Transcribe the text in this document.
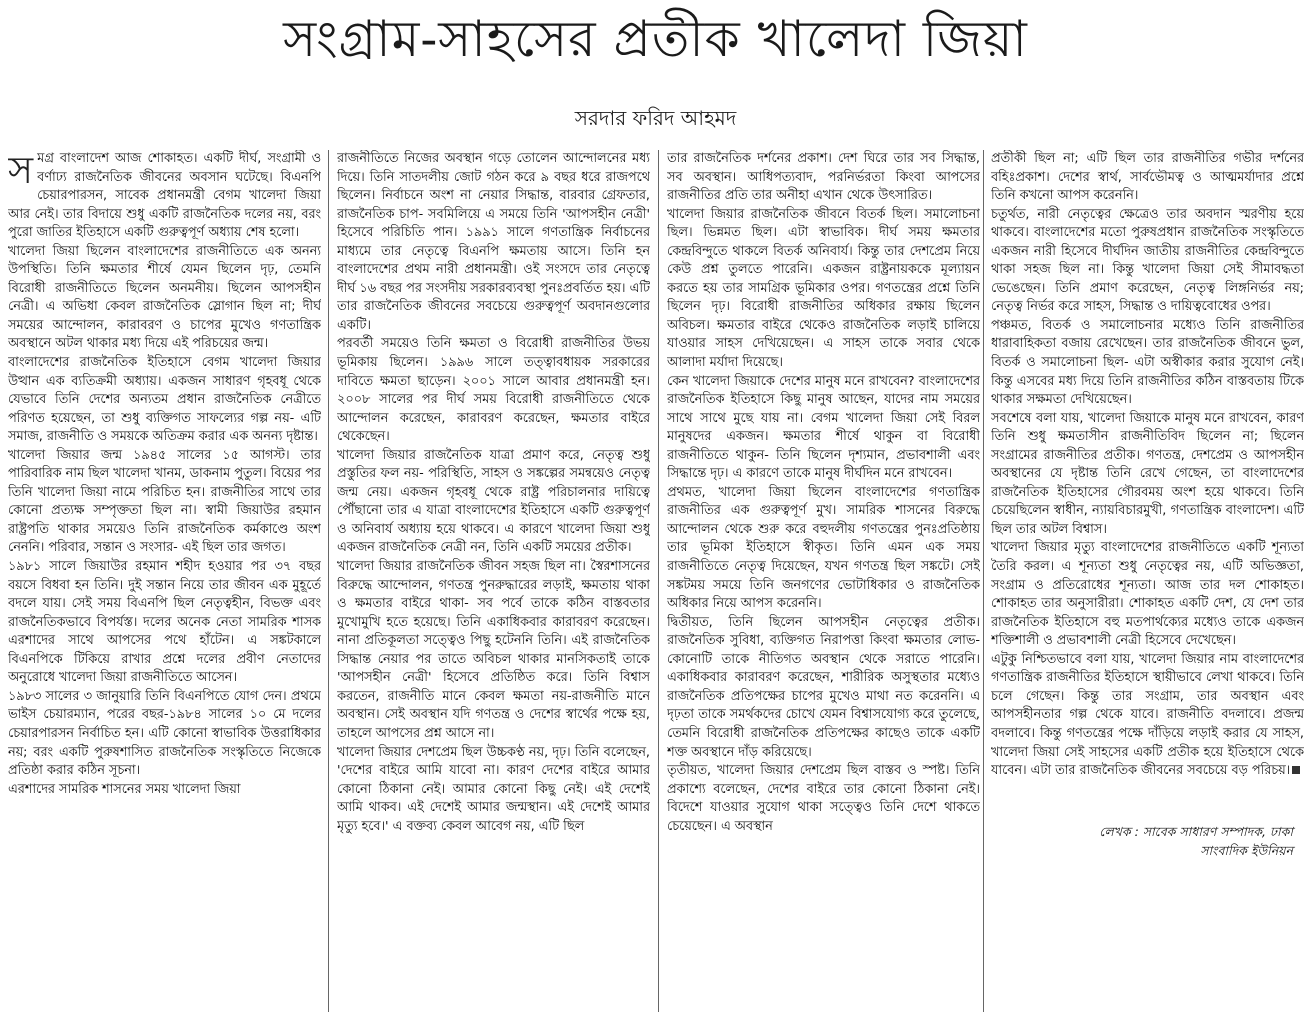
সংগ্রাম-সাহসের প্রতীক খালেদা জিয়া
সরদার ফরিদ আহমদ

সমগ্র বাংলাদেশ আজ শোকাহত। একটি দীর্ঘ, সংগ্রামী ও বর্ণাঢ্য রাজনৈতিক জীবনের অবসান ঘটেছে। বিএনপি চেয়ারপারসন, সাবেক প্রধানমন্ত্রী বেগম খালেদা জিয়া আর নেই। তার বিদায়ে শুধু একটি রাজনৈতিক দলের নয়, বরং পুরো জাতির ইতিহাসে একটি গুরুত্বপূর্ণ অধ্যায় শেষ হলো।

খালেদা জিয়া ছিলেন বাংলাদেশের রাজনীতিতে এক অনন্য উপস্থিতি। তিনি ক্ষমতার শীর্ষে যেমন ছিলেন দৃঢ়, তেমনি বিরোধী রাজনীতিতে ছিলেন অনমনীয়। ছিলেন আপসহীন নেত্রী। এ অভিধা কেবল রাজনৈতিক স্লোগান ছিল না; দীর্ঘ সময়ের আন্দোলন, কারাবরণ ও চাপের মুখেও গণতান্ত্রিক অবস্থানে অটল থাকার মধ্য দিয়ে এই পরিচয়ের জন্ম।

বাংলাদেশের রাজনৈতিক ইতিহাসে বেগম খালেদা জিয়ার উত্থান এক ব্যতিক্রমী অধ্যায়। একজন সাধারণ গৃহবধূ থেকে যেভাবে তিনি দেশের অন্যতম প্রধান রাজনৈতিক নেত্রীতে পরিণত হয়েছেন, তা শুধু ব্যক্তিগত সাফল্যের গল্প নয়- এটি সমাজ, রাজনীতি ও সময়কে অতিক্রম করার এক অনন্য দৃষ্টান্ত।

খালেদা জিয়ার জন্ম ১৯৪৫ সালের ১৫ আগস্ট। তার পারিবারিক নাম ছিল খালেদা খানম, ডাকনাম পুতুল। বিয়ের পর তিনি খালেদা জিয়া নামে পরিচিত হন। রাজনীতির সাথে তার কোনো প্রত্যক্ষ সম্পৃক্ততা ছিল না। স্বামী জিয়াউর রহমান রাষ্ট্রপতি থাকার সময়েও তিনি রাজনৈতিক কর্মকাণ্ডে অংশ নেননি। পরিবার, সন্তান ও সংসার- এই ছিল তার জগত।

১৯৮১ সালে জিয়াউর রহমান শহীদ হওয়ার পর ৩৭ বছর বয়সে বিধবা হন তিনি। দুই সন্তান নিয়ে তার জীবন এক মুহূর্তে বদলে যায়। সেই সময় বিএনপি ছিল নেতৃত্বহীন, বিভক্ত এবং রাজনৈতিকভাবে বিপর্যস্ত। দলের অনেক নেতা সামরিক শাসক এরশাদের সাথে আপসের পথে হাঁটেন। এ সঙ্কটকালে বিএনপিকে টিকিয়ে রাখার প্রশ্নে দলের প্রবীণ নেতাদের অনুরোধে খালেদা জিয়া রাজনীতিতে আসেন।

১৯৮৩ সালের ৩ জানুয়ারি তিনি বিএনপিতে যোগ দেন। প্রথমে ভাইস চেয়ারম্যান, পরের বছর-১৯৮৪ সালের ১০ মে দলের চেয়ারপারসন নির্বাচিত হন। এটি কোনো স্বাভাবিক উত্তরাধিকার নয়; বরং একটি পুরুষশাসিত রাজনৈতিক সংস্কৃতিতে নিজেকে প্রতিষ্ঠা করার কঠিন সূচনা।

এরশাদের সামরিক শাসনের সময় খালেদা জিয়া

রাজনীতিতে নিজের অবস্থান গড়ে তোলেন আন্দোলনের মধ্য দিয়ে। তিনি সাতদলীয় জোট গঠন করে ৯ বছর ধরে রাজপথে ছিলেন। নির্বাচনে অংশ না নেয়ার সিদ্ধান্ত, বারবার গ্রেফতার, রাজনৈতিক চাপ- সবমিলিয়ে এ সময়ে তিনি 'আপসহীন নেত্রী' হিসেবে পরিচিতি পান। ১৯৯১ সালে গণতান্ত্রিক নির্বাচনের মাধ্যমে তার নেতৃত্বে বিএনপি ক্ষমতায় আসে। তিনি হন বাংলাদেশের প্রথম নারী প্রধানমন্ত্রী। ওই সংসদে তার নেতৃত্বে দীর্ঘ ১৬ বছর পর সংসদীয় সরকারব্যবস্থা পুনঃপ্রবর্তিত হয়। এটি তার রাজনৈতিক জীবনের সবচেয়ে গুরুত্বপূর্ণ অবদানগুলোর একটি।

পরবর্তী সময়েও তিনি ক্ষমতা ও বিরোধী রাজনীতির উভয় ভূমিকায় ছিলেন। ১৯৯৬ সালে তত্ত্বাবধায়ক সরকারের দাবিতে ক্ষমতা ছাড়েন। ২০০১ সালে আবার প্রধানমন্ত্রী হন। ২০০৮ সালের পর দীর্ঘ সময় বিরোধী রাজনীতিতে থেকে আন্দোলন করেছেন, কারাবরণ করেছেন, ক্ষমতার বাইরে থেকেছেন।

খালেদা জিয়ার রাজনৈতিক যাত্রা প্রমাণ করে, নেতৃত্ব শুধু প্রস্তুতির ফল নয়- পরিস্থিতি, সাহস ও সঙ্কল্পের সমন্বয়েও নেতৃত্ব জন্ম নেয়। একজন গৃহবধূ থেকে রাষ্ট্র পরিচালনার দায়িত্বে পৌঁছানো তার এ যাত্রা বাংলাদেশের ইতিহাসে একটি গুরুত্বপূর্ণ ও অনিবার্য অধ্যায় হয়ে থাকবে। এ কারণে খালেদা জিয়া শুধু একজন রাজনৈতিক নেত্রী নন, তিনি একটি সময়ের প্রতীক।

খালেদা জিয়ার রাজনৈতিক জীবন সহজ ছিল না। স্বৈরশাসনের বিরুদ্ধে আন্দোলন, গণতন্ত্র পুনরুদ্ধারের লড়াই, ক্ষমতায় থাকা ও ক্ষমতার বাইরে থাকা- সব পর্বে তাকে কঠিন বাস্তবতার মুখোমুখি হতে হয়েছে। তিনি একাধিকবার কারাবরণ করেছেন। নানা প্রতিকূলতা সত্ত্বেও পিছু হটেননি তিনি। এই রাজনৈতিক সিদ্ধান্ত নেয়ার পর তাতে অবিচল থাকার মানসিকতাই তাকে 'আপসহীন নেত্রী' হিসেবে প্রতিষ্ঠিত করে। তিনি বিশ্বাস করতেন, রাজনীতি মানে কেবল ক্ষমতা নয়-রাজনীতি মানে অবস্থান। সেই অবস্থান যদি গণতন্ত্র ও দেশের স্বার্থের পক্ষে হয়, তাহলে আপসের প্রশ্ন আসে না।

খালেদা জিয়ার দেশপ্রেম ছিল উচ্চকণ্ঠ নয়, দৃঢ়। তিনি বলেছেন, 'দেশের বাইরে আমি যাবো না। কারণ দেশের বাইরে আমার কোনো ঠিকানা নেই। আমার কোনো কিছু নেই। এই দেশেই আমি থাকব। এই দেশেই আমার জন্মস্থান। এই দেশেই আমার মৃত্যু হবে।' এ বক্তব্য কেবল আবেগ নয়, এটি ছিল

তার রাজনৈতিক দর্শনের প্রকাশ। দেশ ঘিরে তার সব সিদ্ধান্ত, সব অবস্থান। আধিপত্যবাদ, পরনির্ভরতা কিংবা আপসের রাজনীতির প্রতি তার অনীহা এখান থেকে উৎসারিত।

খালেদা জিয়ার রাজনৈতিক জীবনে বিতর্ক ছিল। সমালোচনা ছিল। ভিন্নমত ছিল। এটা স্বাভাবিক। দীর্ঘ সময় ক্ষমতার কেন্দ্রবিন্দুতে থাকলে বিতর্ক অনিবার্য। কিন্তু তার দেশপ্রেম নিয়ে কেউ প্রশ্ন তুলতে পারেনি। একজন রাষ্ট্রনায়ককে মূল্যায়ন করতে হয় তার সামগ্রিক ভূমিকার ওপর। গণতন্ত্রের প্রশ্নে তিনি ছিলেন দৃঢ়। বিরোধী রাজনীতির অধিকার রক্ষায় ছিলেন অবিচল। ক্ষমতার বাইরে থেকেও রাজনৈতিক লড়াই চালিয়ে যাওয়ার সাহস দেখিয়েছেন। এ সাহস তাকে সবার থেকে আলাদা মর্যাদা দিয়েছে।

কেন খালেদা জিয়াকে দেশের মানুষ মনে রাখবেন? বাংলাদেশের রাজনৈতিক ইতিহাসে কিছু মানুষ আছেন, যাদের নাম সময়ের সাথে সাথে মুছে যায় না। বেগম খালেদা জিয়া সেই বিরল মানুষদের একজন। ক্ষমতার শীর্ষে থাকুন বা বিরোধী রাজনীতিতে থাকুন- তিনি ছিলেন দৃশ্যমান, প্রভাবশালী এবং সিদ্ধান্তে দৃঢ়। এ কারণে তাকে মানুষ দীর্ঘদিন মনে রাখবেন।

প্রথমত, খালেদা জিয়া ছিলেন বাংলাদেশের গণতান্ত্রিক রাজনীতির এক গুরুত্বপূর্ণ মুখ। সামরিক শাসনের বিরুদ্ধে আন্দোলন থেকে শুরু করে বহুদলীয় গণতন্ত্রের পুনঃপ্রতিষ্ঠায় তার ভূমিকা ইতিহাসে স্বীকৃত। তিনি এমন এক সময় রাজনীতিতে নেতৃত্ব দিয়েছেন, যখন গণতন্ত্র ছিল সঙ্কটে। সেই সঙ্কটময় সময়ে তিনি জনগণের ভোটাধিকার ও রাজনৈতিক অধিকার নিয়ে আপস করেননি।

দ্বিতীয়ত, তিনি ছিলেন আপসহীন নেতৃত্বের প্রতীক। রাজনৈতিক সুবিধা, ব্যক্তিগত নিরাপত্তা কিংবা ক্ষমতার লোভ- কোনোটি তাকে নীতিগত অবস্থান থেকে সরাতে পারেনি। একাধিকবার কারাবরণ করেছেন, শারীরিক অসুস্থতার মধ্যেও রাজনৈতিক প্রতিপক্ষের চাপের মুখেও মাথা নত করেননি। এ দৃঢ়তা তাকে সমর্থকদের চোখে যেমন বিশ্বাসযোগ্য করে তুলেছে, তেমনি বিরোধী রাজনৈতিক প্রতিপক্ষের কাছেও তাকে একটি শক্ত অবস্থানে দাঁড় করিয়েছে।

তৃতীয়ত, খালেদা জিয়ার দেশপ্রেম ছিল বাস্তব ও স্পষ্ট। তিনি প্রকাশ্যে বলেছেন, দেশের বাইরে তার কোনো ঠিকানা নেই। বিদেশে যাওয়ার সুযোগ থাকা সত্ত্বেও তিনি দেশে থাকতে চেয়েছেন। এ অবস্থান

প্রতীকী ছিল না; এটি ছিল তার রাজনীতির গভীর দর্শনের বহিঃপ্রকাশ। দেশের স্বার্থ, সার্বভৌমত্ব ও আত্মমর্যাদার প্রশ্নে তিনি কখনো আপস করেননি।

চতুর্থত, নারী নেতৃত্বের ক্ষেত্রেও তার অবদান স্মরণীয় হয়ে থাকবে। বাংলাদেশের মতো পুরুষপ্রধান রাজনৈতিক সংস্কৃতিতে একজন নারী হিসেবে দীর্ঘদিন জাতীয় রাজনীতির কেন্দ্রবিন্দুতে থাকা সহজ ছিল না। কিন্তু খালেদা জিয়া সেই সীমাবদ্ধতা ভেঙেছেন। তিনি প্রমাণ করেছেন, নেতৃত্ব লিঙ্গনির্ভর নয়; নেতৃত্ব নির্ভর করে সাহস, সিদ্ধান্ত ও দায়িত্ববোধের ওপর।

পঞ্চমত, বিতর্ক ও সমালোচনার মধ্যেও তিনি রাজনীতির ধারাবাহিকতা বজায় রেখেছেন। তার রাজনৈতিক জীবনে ভুল, বিতর্ক ও সমালোচনা ছিল- এটা অস্বীকার করার সুযোগ নেই। কিন্তু এসবের মধ্য দিয়ে তিনি রাজনীতির কঠিন বাস্তবতায় টিকে থাকার সক্ষমতা দেখিয়েছেন।

সবশেষে বলা যায়, খালেদা জিয়াকে মানুষ মনে রাখবেন, কারণ তিনি শুধু ক্ষমতাসীন রাজনীতিবিদ ছিলেন না; ছিলেন সংগ্রামের রাজনীতির প্রতীক। গণতন্ত্র, দেশপ্রেম ও আপসহীন অবস্থানের যে দৃষ্টান্ত তিনি রেখে গেছেন, তা বাংলাদেশের রাজনৈতিক ইতিহাসের গৌরবময় অংশ হয়ে থাকবে। তিনি চেয়েছিলেন স্বাধীন, ন্যায়বিচারমুখী, গণতান্ত্রিক বাংলাদেশ। এটি ছিল তার অটল বিশ্বাস।

খালেদা জিয়ার মৃত্যু বাংলাদেশের রাজনীতিতে একটি শূন্যতা তৈরি করল। এ শূন্যতা শুধু নেতৃত্বের নয়, এটি অভিজ্ঞতা, সংগ্রাম ও প্রতিরোধের শূন্যতা। আজ তার দল শোকাহত। শোকাহত তার অনুসারীরা। শোকাহত একটি দেশ, যে দেশ তার রাজনৈতিক ইতিহাসে বহু মতপার্থক্যের মধ্যেও তাকে একজন শক্তিশালী ও প্রভাবশালী নেত্রী হিসেবে দেখেছেন।

এটুকু নিশ্চিতভাবে বলা যায়, খালেদা জিয়ার নাম বাংলাদেশের গণতান্ত্রিক রাজনীতির ইতিহাসে স্থায়ীভাবে লেখা থাকবে। তিনি চলে গেছেন। কিন্তু তার সংগ্রাম, তার অবস্থান এবং আপসহীনতার গল্প থেকে যাবে। রাজনীতি বদলাবে। প্রজন্ম বদলাবে। কিন্তু গণতন্ত্রের পক্ষে দাঁড়িয়ে লড়াই করার যে সাহস, খালেদা জিয়া সেই সাহসের একটি প্রতীক হয়ে ইতিহাসে থেকে যাবেন। এটা তার রাজনৈতিক জীবনের সবচেয়ে বড় পরিচয়।

লেখক : সাবেক সাধারণ সম্পাদক, ঢাকা
সাংবাদিক ইউনিয়ন
